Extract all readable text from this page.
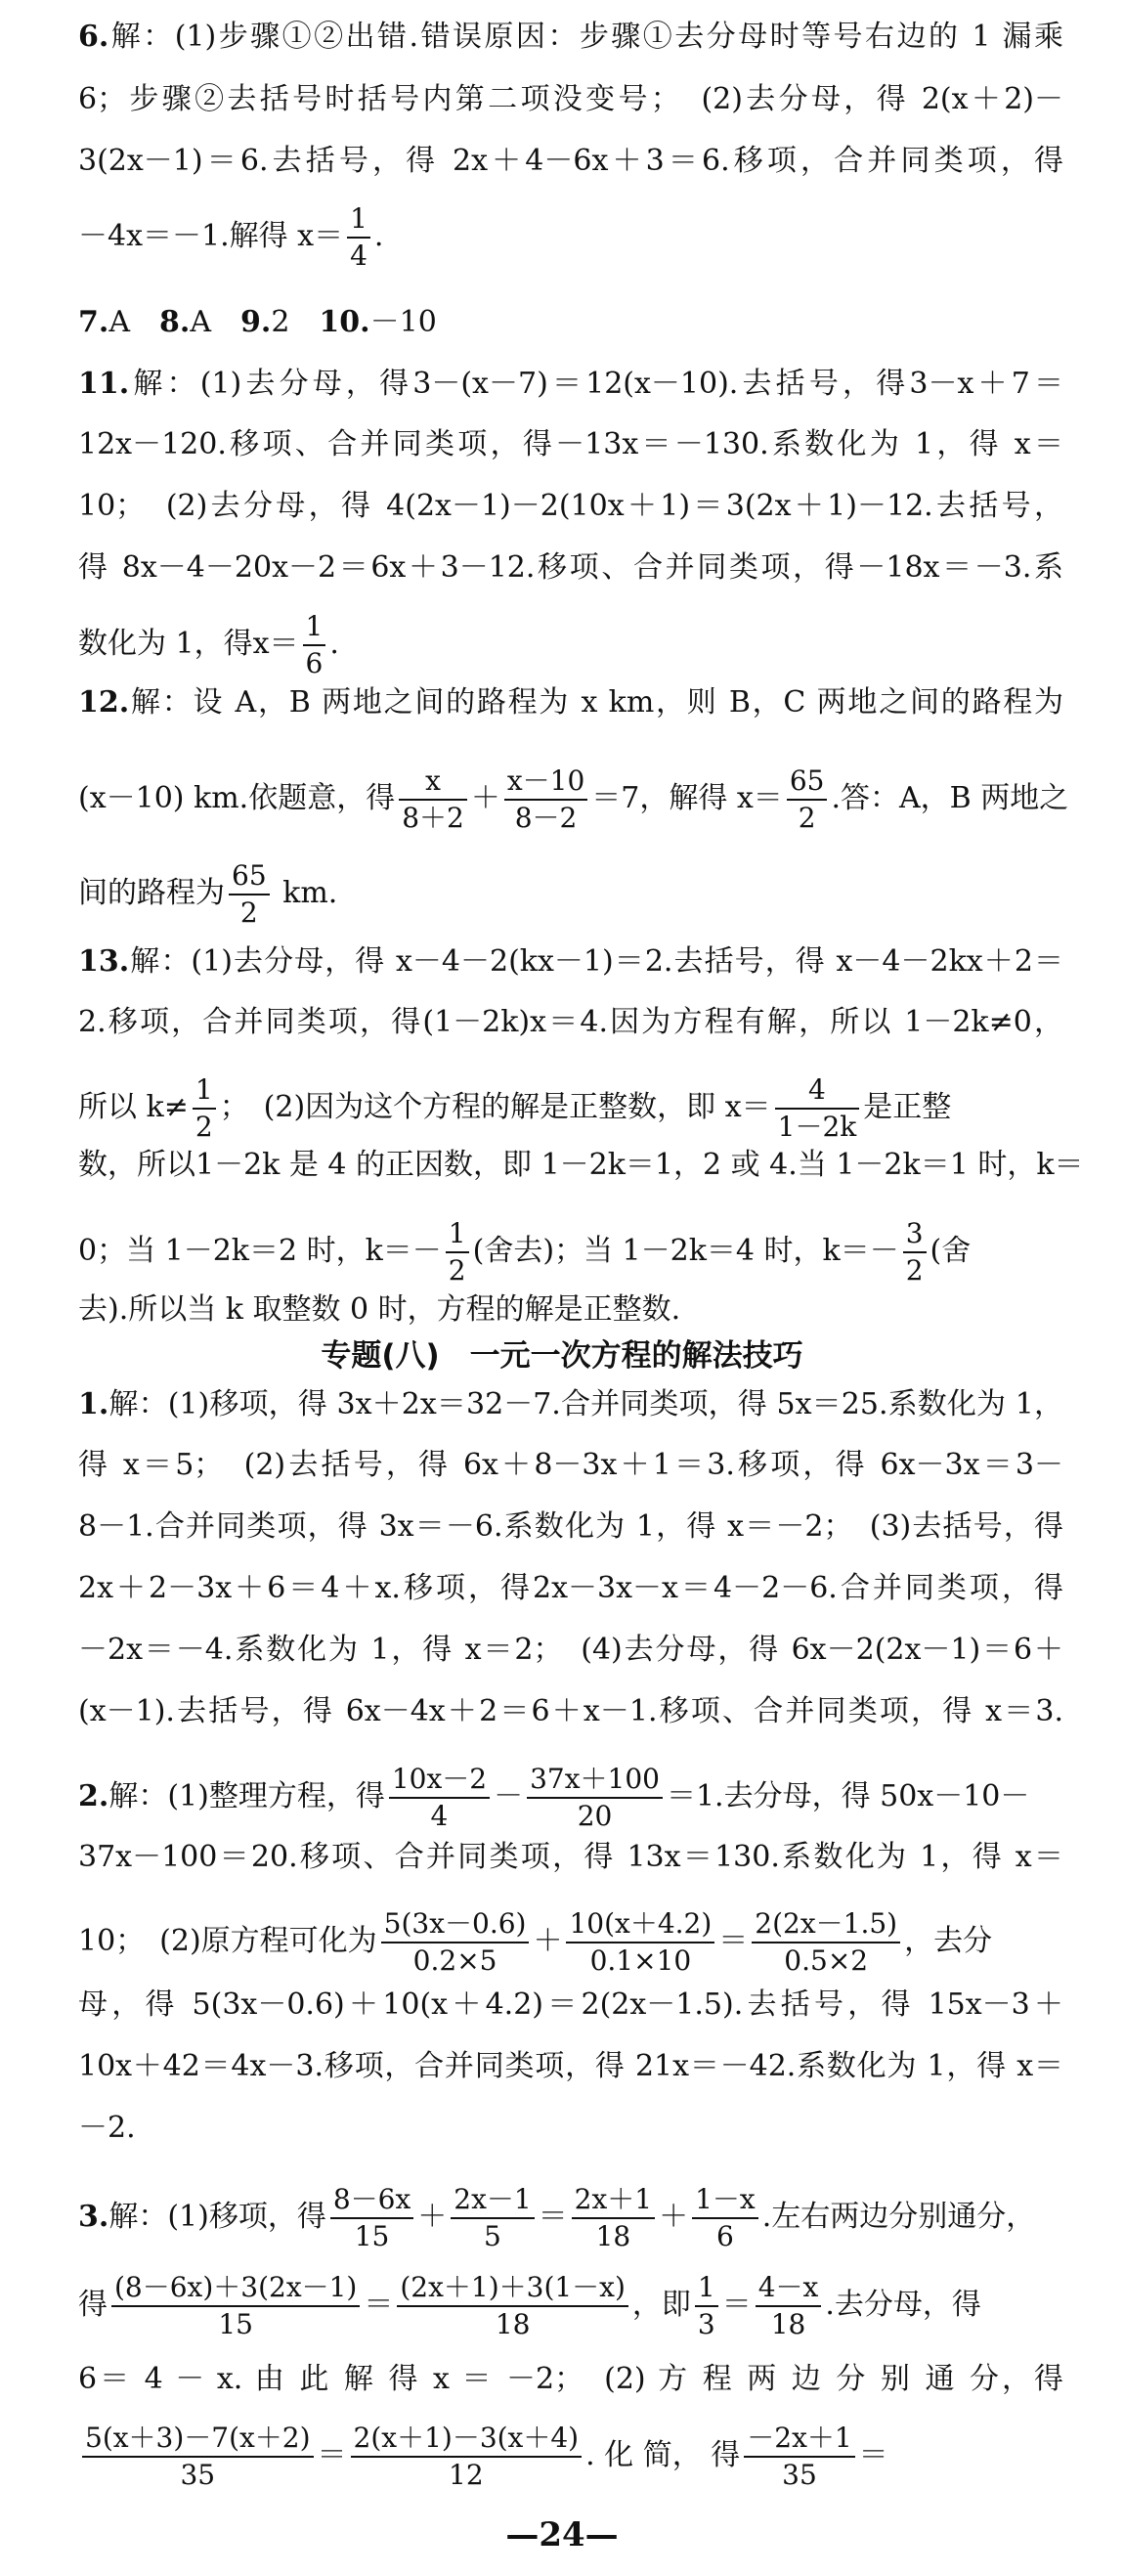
6.解：(1)步骤①②出错.错误原因：步骤①去分母时等号右边的 1 漏乘
6；步骤②去括号时括号内第二项没变号；　(2)去分母，得 2(x＋2)－
3(2x－1)＝6.去括号，得 2x＋4－6x＋3＝6.移项，合并同类项，得
－4x＝－1.解得 $x= \frac{1}{4}$ .
7.A　8.A　9.2　10.－10
11.解：(1)去分母，得3－(x－7)＝12(x－10).去括号，得3－x＋7＝
12x－120.移项、合并同类项，得－13x＝－130.系数化为 1，得 x＝
10；　(2)去分母，得 4(2x－1)－2(10x＋1)＝3(2x＋1)－12.去括号，
得 8x－4－20x－2＝6x＋3－12.移项、合并同类项，得－18x＝－3.系
数化为 1，得$x= \frac{1}{6}$ .
12.解：设 A，B 两地之间的路程为 x km，则 B，C 两地之间的路程为
(x－10) km.依题意，得 $\frac{x}{8+2} + \frac{x-10}{8-2} =7$，解得 $x= \frac{65}{2}$ .答：A，B 两地之
间的路程为 $\frac{65}{2}$ km.
13.解：(1)去分母，得 x－4－2(kx－1)＝2.去括号，得 x－4－2kx＋2＝
2.移项，合并同类项，得(1－2k)x＝4.因为方程有解，所以 1－2k≠0，
所以 $k\ne \frac{1}{2}$ ；　(2)因为这个方程的解是正整数，即 $x= \frac{4}{1-2k}$ 是正整
数，所以1－2k 是 4 的正因数，即 1－2k＝1，2 或 4.当 1－2k＝1 时，k＝
0；当 1－2k＝2 时，$k=- \frac{1}{2}$ (舍去)；当 1－2k＝4 时，$k=- \frac{3}{2}$ (舍
去).所以当 k 取整数 0 时，方程的解是正整数.
专题(八)　一元一次方程的解法技巧
1.解：(1)移项，得 3x＋2x＝32－7.合并同类项，得 5x＝25.系数化为 1，
得 x＝5；　(2)去括号，得 6x＋8－3x＋1＝3.移项，得 6x－3x＝3－
8－1.合并同类项，得 3x＝－6.系数化为 1，得 x＝－2；　(3)去括号，得
2x＋2－3x＋6＝4＋x.移项，得2x－3x－x＝4－2－6.合并同类项，得
－2x＝－4.系数化为 1，得 x＝2；　(4)去分母，得 6x－2(2x－1)＝6＋
(x－1).去括号，得 6x－4x＋2＝6＋x－1.移项、合并同类项，得 x＝3.
2.解：(1)整理方程，得 $\frac{10x-2}{4} - \frac{37x+100}{20} =1$.去分母，得 50x－10－
37x－100＝20.移项、合并同类项，得 13x＝130.系数化为 1，得 x＝
10；　(2)原方程可化为 $\frac{5(3x-0.6)}{0.2\times 5} + \frac{10(x+4.2)}{0.1\times 10} = \frac{2(2x-1.5)}{0.5\times 2}$ ，去分
母，得 5(3x－0.6)＋10(x＋4.2)＝2(2x－1.5).去括号，得 15x－3＋
10x＋42＝4x－3.移项，合并同类项，得 21x＝－42.系数化为 1，得 x＝
－2.
3.解：(1)移项，得 $\frac{8-6x}{15} + \frac{2x-1}{5} = \frac{2x+1}{18} + \frac{1-x}{6}$ .左右两边分别通分，
得 $\frac{(8-6x)+3(2x-1)}{15} = \frac{(2x+1)+3(1-x)}{18}$ ，即 $\frac{1}{3} = \frac{4-x}{18}$ .去分母，得
6＝ 4 － x. 由 此 解 得 x ＝ －2；　(2) 方 程 两 边 分 别 通 分，得
$\frac{5(x+3)-7(x+2)}{35} = \frac{2(x+1)-3(x+4)}{12}$ . 化 简， 得 $\frac{-2x+1}{35}$ ＝
—24—
